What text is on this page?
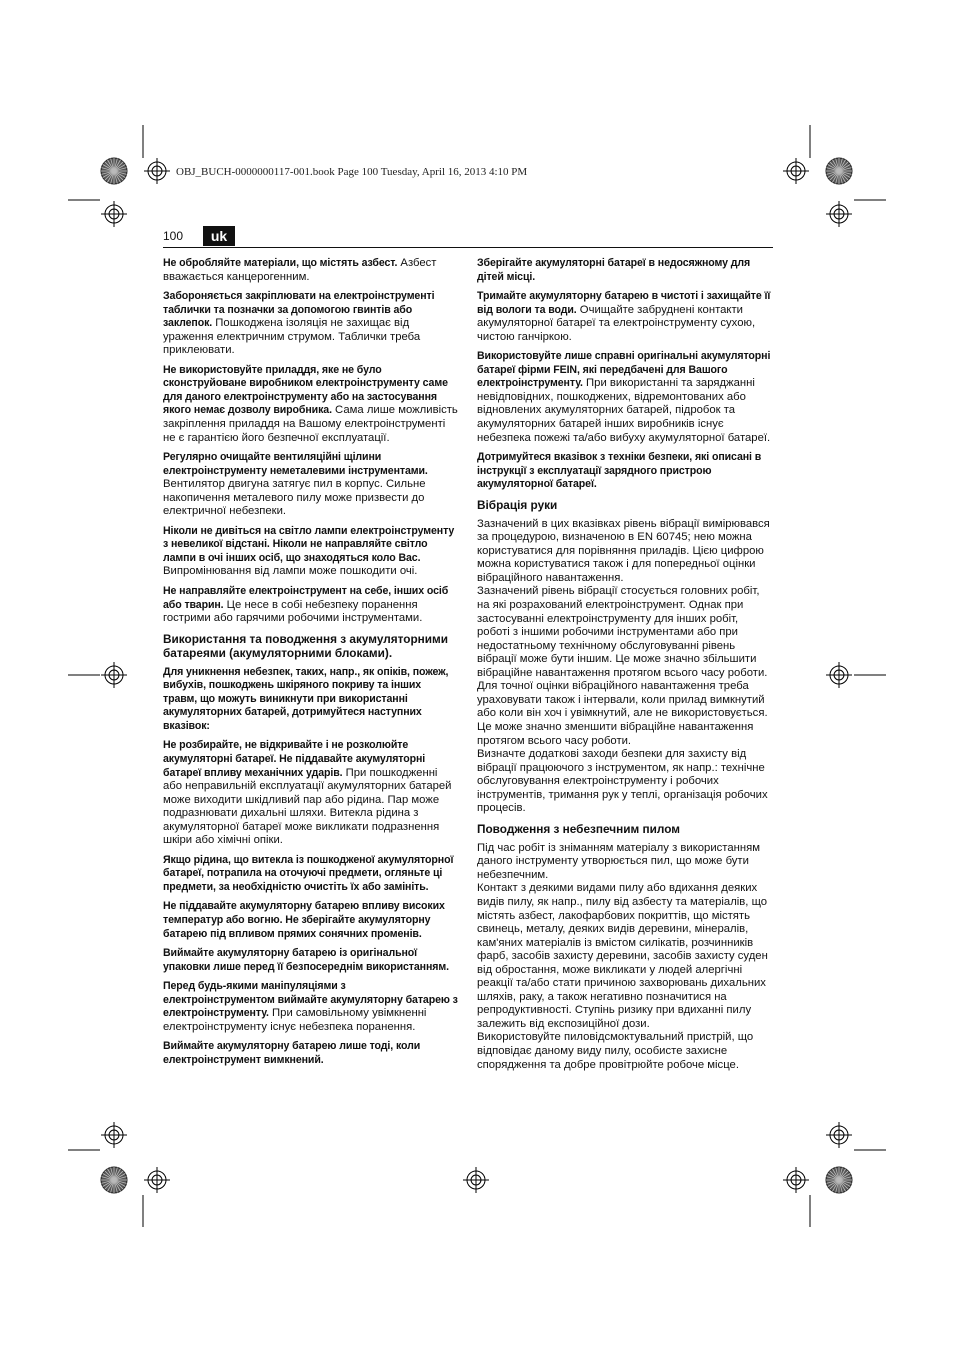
OBJ_BUCH-0000000117-001.book Page 100 Tuesday, April 16, 2013 4:10 PM
100	uk

Не обробляйте матеріали, що містять азбест. Азбест вважається канцерогенним.

Забороняється закріплювати на електроінструменті таблички та позначки за допомогою гвинтів або заклепок. Пошкоджена ізоляція не захищає від ураження електричним струмом. Таблички треба приклеювати.

Не використовуйте приладдя, яке не було сконструйоване виробником електроінструменту саме для даного електроінструменту або на застосування якого немає дозволу виробника. Сама лише можливість закріплення приладдя на Вашому електроінструменті не є гарантією його безпечної експлуатації.

Регулярно очищайте вентиляційні щілини електроінструменту неметалевими інструментами. Вентилятор двигуна затягує пил в корпус. Сильне накопичення металевого пилу може призвести до електричної небезпеки.

Ніколи не дивіться на світло лампи електроінструменту з невеликої відстані. Ніколи не направляйте світло лампи в очі інших осіб, що знаходяться коло Вас. Випромінювання від лампи може пошкодити очі.

Не направляйте електроінструмент на себе, інших осіб або тварин. Це несе в собі небезпеку поранення гострими або гарячими робочими інструментами.

Використання та поводження з акумуляторними батареями (акумуляторними блоками).

Для уникнення небезпек, таких, напр., як опіків, пожеж, вибухів, пошкоджень шкіряного покриву та інших травм, що можуть виникнути при використанні акумуляторних батарей, дотримуйтеся наступних вказівок:

Не розбирайте, не відкривайте і не розколюйте акумуляторні батареї. Не піддавайте акумуляторні батареї впливу механічних ударів. При пошкодженні або неправильній експлуатації акумуляторних батарей може виходити шкідливий пар або рідина. Пар може подразнювати дихальні шляхи. Витекла рідина з акумуляторної батареї може викликати подразнення шкіри або хімічні опіки.

Якщо рідина, що витекла із пошкодженої акумуляторної батареї, потрапила на оточуючі предмети, огляньте ці предмети, за необхідністю очистіть їх або замініть.

Не піддавайте акумуляторну батарею впливу високих температур або вогню. Не зберігайте акумуляторну батарею під впливом прямих сонячних променів.

Виймайте акумуляторну батарею із оригінальної упаковки лише перед її безпосереднім використанням.

Перед будь-якими маніпуляціями з електроінструментом виймайте акумуляторну батарею з електроінструменту. При самовільному увімкненні електроінструменту існує небезпека поранення.

Виймайте акумуляторну батарею лише тоді, коли електроінструмент вимкнений.

Зберігайте акумуляторні батареї в недосяжному для дітей місці.

Тримайте акумуляторну батарею в чистоті і захищайте її від вологи та води. Очищайте забруднені контакти акумуляторної батареї та електроінструменту сухою, чистою ганчіркою.

Використовуйте лише справні оригінальні акумуляторні батареї фірми FEIN, які передбачені для Вашого електроінструменту. При використанні та заряджанні невідповідних, пошкоджених, відремонтованих або відновлених акумуляторних батарей, підробок та акумуляторних батарей інших виробників існує небезпека пожежі та/або вибуху акумуляторної батареї.

Дотримуйтеся вказівок з техніки безпеки, які описані в інструкції з експлуатації зарядного пристрою акумуляторної батареї.

Вібрація руки

Зазначений в цих вказівках рівень вібрації вимірювався за процедурою, визначеною в EN 60745; нею можна користуватися для порівняння приладів. Цією цифрою можна користуватися також і для попередньої оцінки вібраційного навантаження.

Зазначений рівень вібрації стосується головних робіт, на які розрахований електроінструмент. Однак при застосуванні електроінструменту для інших робіт, роботі з іншими робочими інструментами або при недостатньому технічному обслуговуванні рівень вібрації може бути іншим. Це може значно збільшити вібраційне навантаження протягом всього часу роботи.

Для точної оцінки вібраційного навантаження треба ураховувати також і інтервали, коли прилад вимкнутий або коли він хоч і увімкнутий, але не використовується. Це може значно зменшити вібраційне навантаження протягом всього часу роботи.

Визначте додаткові заходи безпеки для захисту від вібрації працюючого з інструментом, як напр.: технічне обслуговування електроінструменту і робочих інструментів, тримання рук у теплі, організація робочих процесів.

Поводження з небезпечним пилом

Під час робіт із зніманням матеріалу з використанням даного інструменту утворюється пил, що може бути небезпечним.

Контакт з деякими видами пилу або вдихання деяких видів пилу, як напр., пилу від азбесту та матеріалів, що містять азбест, лакофарбових покриттів, що містять свинець, металу, деяких видів деревини, мінералів, кам'яних матеріалів із вмістом силікатів, розчинників фарб, засобів захисту деревини, засобів захисту суден від обростання, може викликати у людей алергічні реакції та/або стати причиною захворювань дихальних шляхів, раку, а також негативно позначитися на репродуктивності. Ступінь ризику при вдиханні пилу залежить від експозиційної дози.

Використовуйте пиловідсмоктувальний пристрій, що відповідає даному виду пилу, особисте захисне спорядження та добре провітрюйте робоче місце.
